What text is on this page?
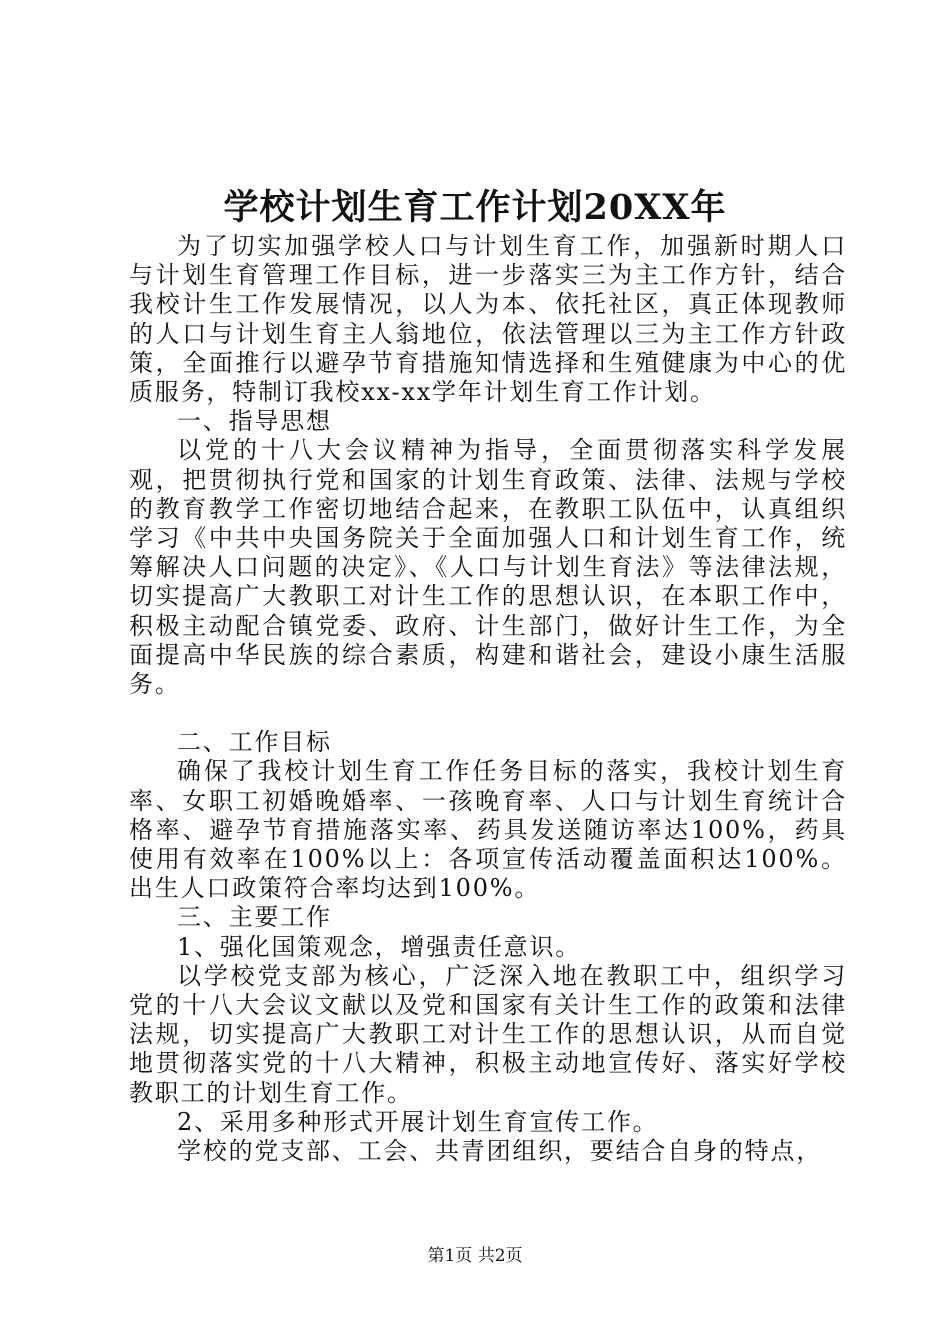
学校计划生育工作计划20XX年

为了切实加强学校人口与计划生育工作，加强新时期人口与计划生育管理工作目标，进一步落实三为主工作方针，结合我校计生工作发展情况，以人为本、依托社区，真正体现教师的人口与计划生育主人翁地位，依法管理以三为主工作方针政策，全面推行以避孕节育措施知情选择和生殖健康为中心的优质服务，特制订我校xx-xx学年计划生育工作计划。

一、指导思想

以党的十八大会议精神为指导，全面贯彻落实科学发展观，把贯彻执行党和国家的计划生育政策、法律、法规与学校的教育教学工作密切地结合起来，在教职工队伍中，认真组织学习《中共中央国务院关于全面加强人口和计划生育工作，统筹解决人口问题的决定》、《人口与计划生育法》等法律法规，切实提高广大教职工对计生工作的思想认识，在本职工作中，积极主动配合镇党委、政府、计生部门，做好计生工作，为全面提高中华民族的综合素质，构建和谐社会，建设小康生活服务。

二、工作目标

确保了我校计划生育工作任务目标的落实，我校计划生育率、女职工初婚晚婚率、一孩晚育率、人口与计划生育统计合格率、避孕节育措施落实率、药具发送随访率达100%，药具使用有效率在100%以上：各项宣传活动覆盖面积达100%。出生人口政策符合率均达到100%。

三、主要工作

1、强化国策观念，增强责任意识。

以学校党支部为核心，广泛深入地在教职工中，组织学习党的十八大会议文献以及党和国家有关计生工作的政策和法律法规，切实提高广大教职工对计生工作的思想认识，从而自觉地贯彻落实党的十八大精神，积极主动地宣传好、落实好学校教职工的计划生育工作。

2、采用多种形式开展计划生育宣传工作。

学校的党支部、工会、共青团组织，要结合自身的特点，

第1页 共2页
